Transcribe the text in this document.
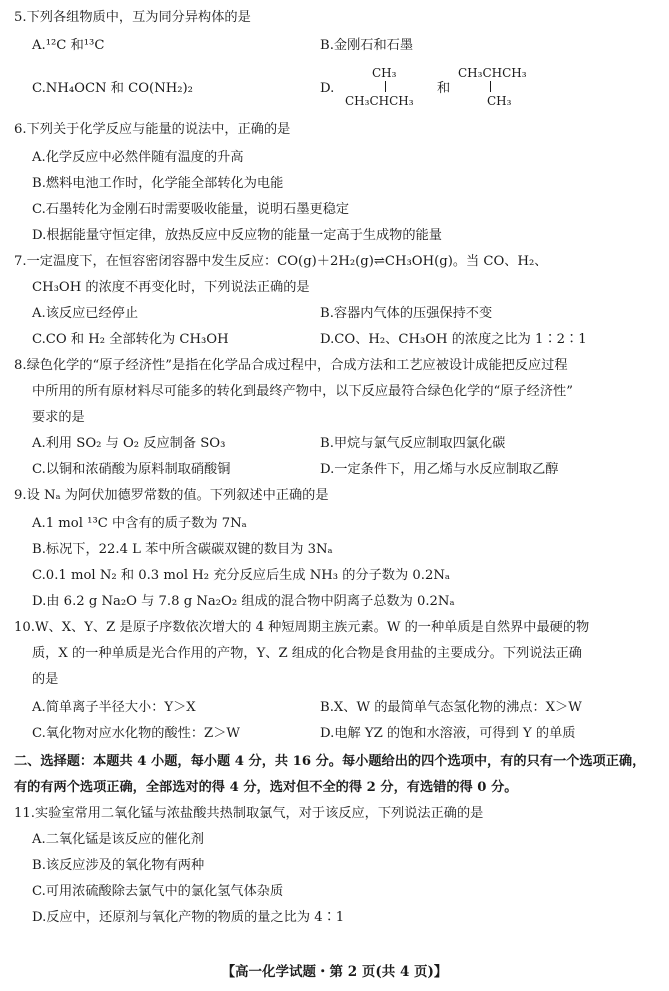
5.下列各组物质中，互为同分异构体的是
A.¹²C 和¹³C	B.金刚石和石墨
C.NH₄OCN 和 CO(NH₂)₂	D.
CH₃
CH₃CHCH₃
和
CH₃CHCH₃
CH₃
6.下列关于化学反应与能量的说法中，正确的是
A.化学反应中必然伴随有温度的升高
B.燃料电池工作时，化学能全部转化为电能
C.石墨转化为金刚石时需要吸收能量，说明石墨更稳定
D.根据能量守恒定律，放热反应中反应物的能量一定高于生成物的能量
7.一定温度下，在恒容密闭容器中发生反应：CO(g)＋2H₂(g)⇌CH₃OH(g)。当 CO、H₂、
CH₃OH 的浓度不再变化时，下列说法正确的是
A.该反应已经停止	B.容器内气体的压强保持不变
C.CO 和 H₂ 全部转化为 CH₃OH	D.CO、H₂、CH₃OH 的浓度之比为 1∶2∶1
8.绿色化学的“原子经济性”是指在化学品合成过程中，合成方法和工艺应被设计成能把反应过程
中所用的所有原材料尽可能多的转化到最终产物中，以下反应最符合绿色化学的“原子经济性”
要求的是
A.利用 SO₂ 与 O₂ 反应制备 SO₃	B.甲烷与氯气反应制取四氯化碳
C.以铜和浓硝酸为原料制取硝酸铜	D.一定条件下，用乙烯与水反应制取乙醇
9.设 Nₐ 为阿伏加德罗常数的值。下列叙述中正确的是
A.1 mol ¹³C 中含有的质子数为 7Nₐ
B.标况下，22.4 L 苯中所含碳碳双键的数目为 3Nₐ
C.0.1 mol N₂ 和 0.3 mol H₂ 充分反应后生成 NH₃ 的分子数为 0.2Nₐ
D.由 6.2 g Na₂O 与 7.8 g Na₂O₂ 组成的混合物中阴离子总数为 0.2Nₐ
10.W、X、Y、Z 是原子序数依次增大的 4 种短周期主族元素。W 的一种单质是自然界中最硬的物
质，X 的一种单质是光合作用的产物，Y、Z 组成的化合物是食用盐的主要成分。下列说法正确
的是
A.简单离子半径大小：Y＞X	B.X、W 的最简单气态氢化物的沸点：X＞W
C.氧化物对应水化物的酸性：Z＞W	D.电解 YZ 的饱和水溶液，可得到 Y 的单质
二、选择题：本题共 4 小题，每小题 4 分，共 16 分。每小题给出的四个选项中，有的只有一个选项正确，
有的有两个选项正确，全部选对的得 4 分，选对但不全的得 2 分，有选错的得 0 分。
11.实验室常用二氧化锰与浓盐酸共热制取氯气，对于该反应，下列说法正确的是
A.二氧化锰是该反应的催化剂
B.该反应涉及的氧化物有两种
C.可用浓硫酸除去氯气中的氯化氢气体杂质
D.反应中，还原剂与氧化产物的物质的量之比为 4∶1
【高一化学试题・第 2 页(共 4 页)】
